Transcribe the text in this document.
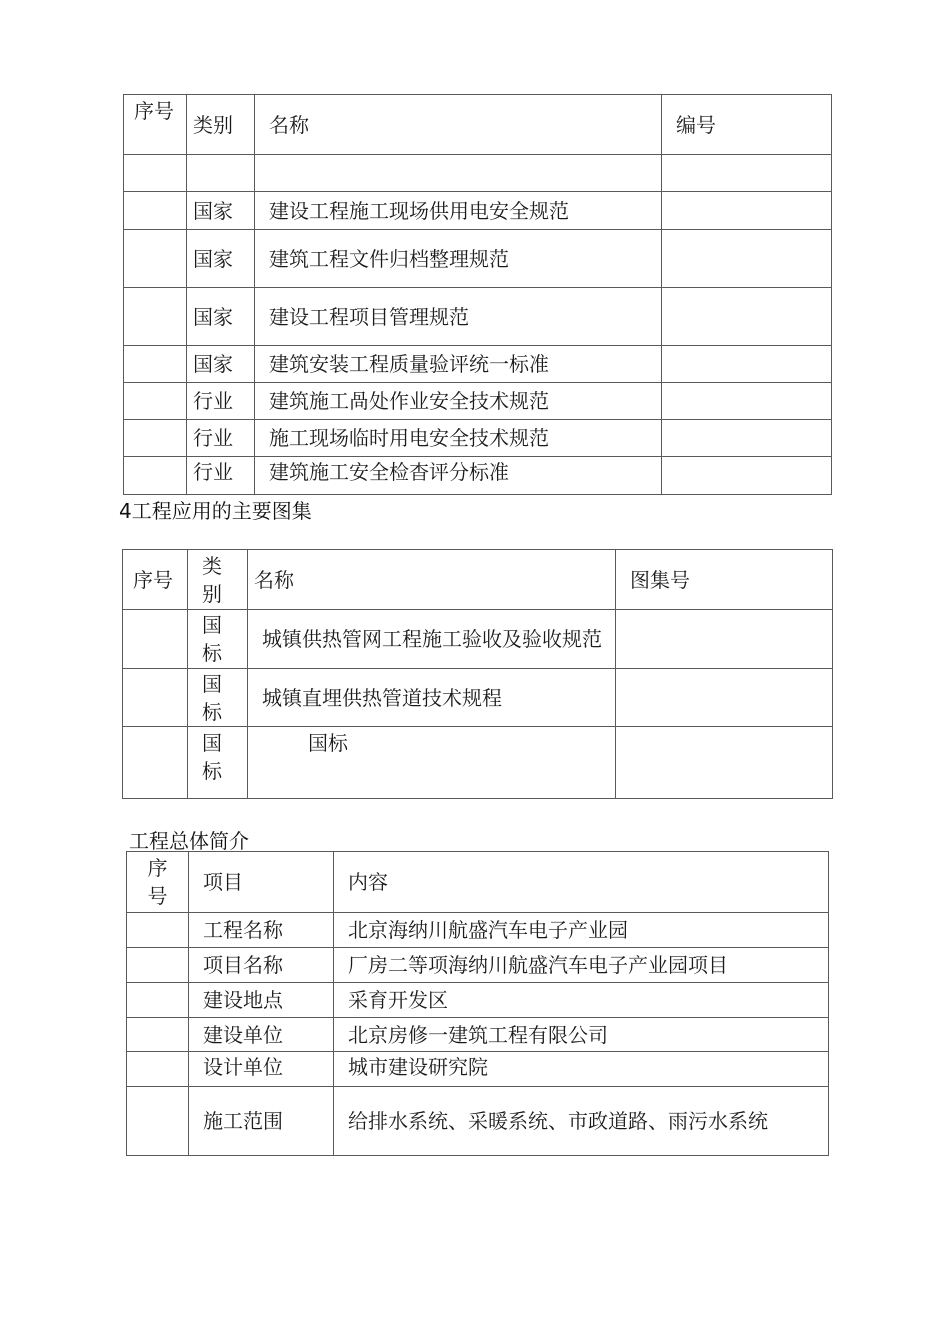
序号	类别	名称	编号

	国家	建设工程施工现场供用电安全规范	
	国家	建筑工程文件归档整理规范	
	国家	建设工程项目管理规范	
	国家	建筑安装工程质量验评统一标准	
	行业	建筑施工咼处作业安全技术规范	
	行业	施工现场临时用电安全技术规范	
	行业	建筑施工安全检杳评分标准	
4工程应用的主要图集
序号	类别	名称	图集号
	国标	城镇供热管网工程施工验收及验收规范	
	国标	城镇直埋供热管道技术规程	
	国标	国标	
工程总体简介
序号	项目	内容
	工程名称	北京海纳川航盛汽车电子产业园
	项目名称	厂房二等项海纳川航盛汽车电子产业园项目
	建设地点	采育开发区
	建设单位	北京房修一建筑工程有限公司
	设计单位	城市建设研究院
	施工范围	给排水系统、采暖系统、市政道路、雨污水系统
